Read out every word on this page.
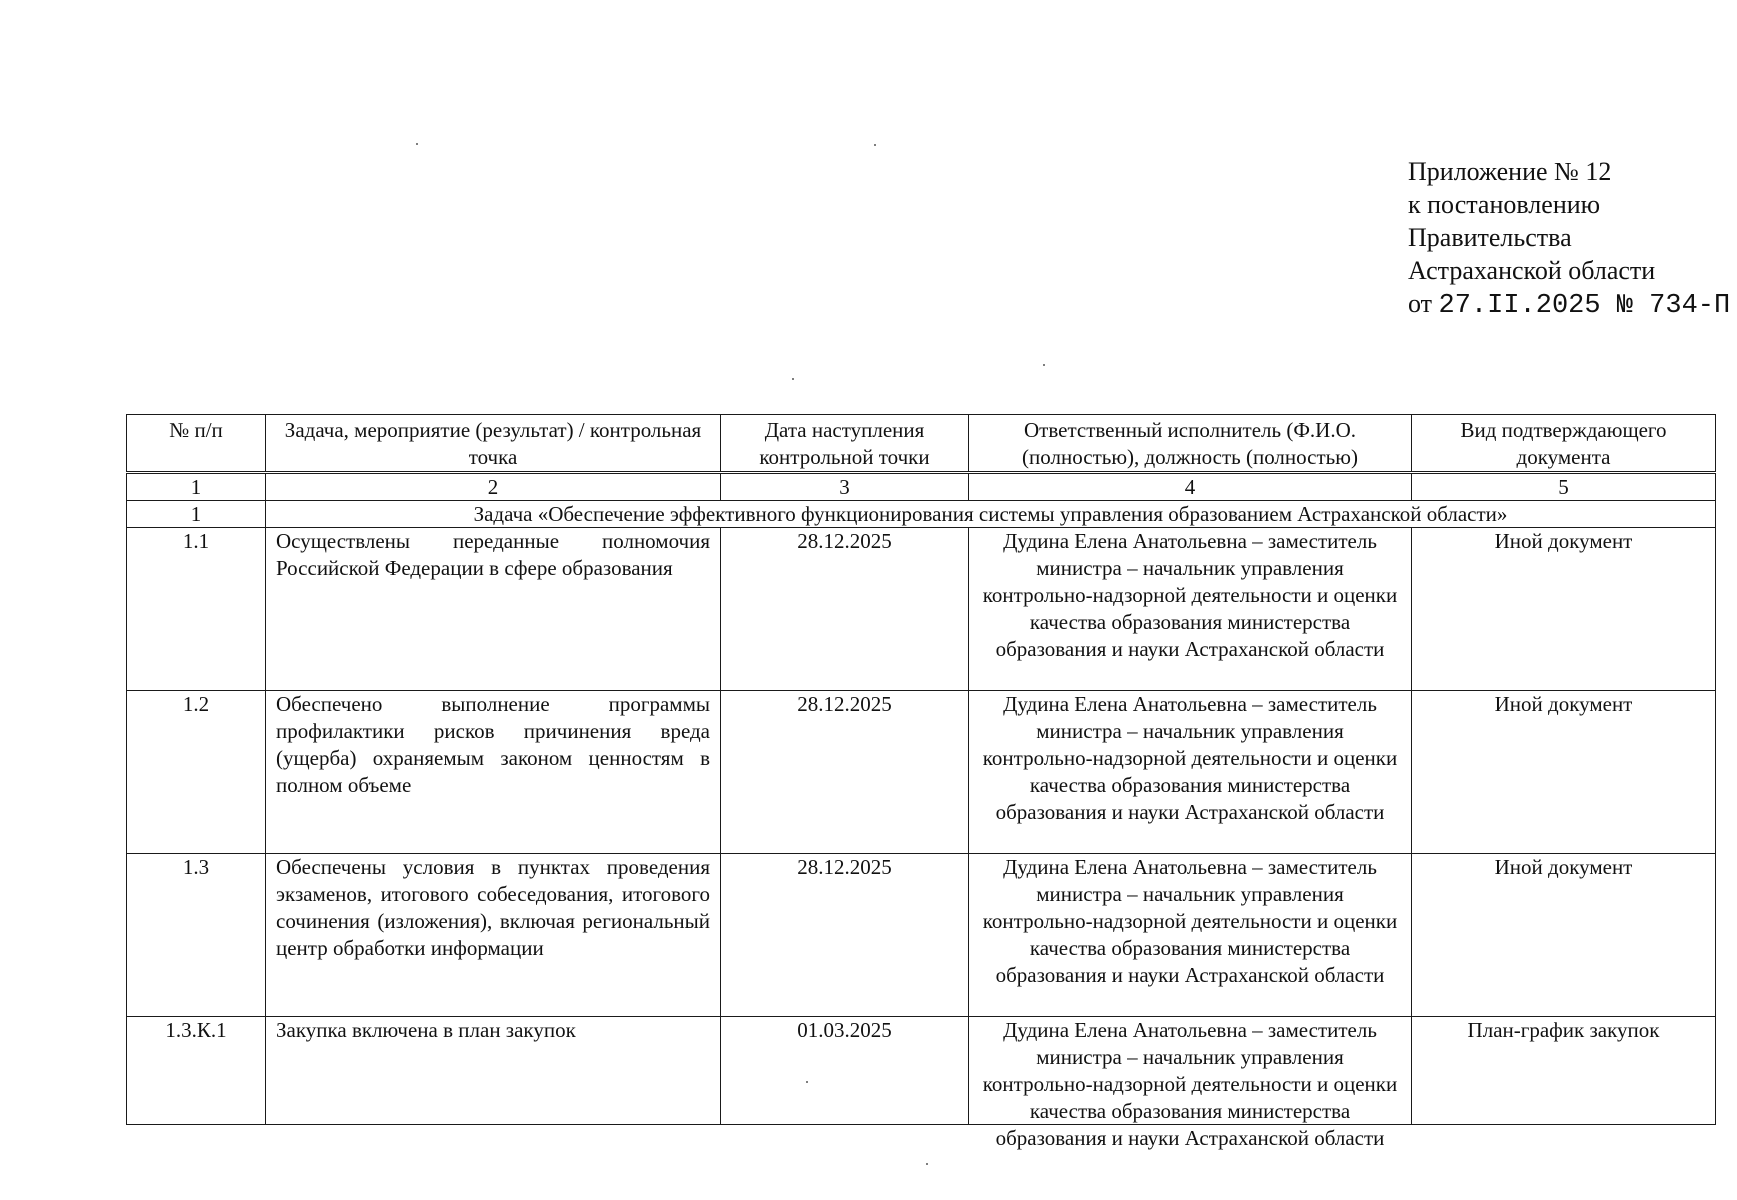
Приложение № 12
к постановлению
Правительства
Астраханской области
от 27.II.2025 № 734-П
№ п/п	Задача, мероприятие (результат) / контрольная точка	Дата наступления контрольной точки	Ответственный исполнитель (Ф.И.О. (полностью), должность (полностью)	Вид подтверждающего документа
1	2	3	4	5
1	Задача «Обеспечение эффективного функционирования системы управления образованием Астраханской области»			
1.1	Осуществлены переданные полномочия Российской Федерации в сфере образования	28.12.2025	Дудина Елена Анатольевна – заместитель министра – начальник управления контрольно-надзорной деятельности и оценки качества образования министерства образования и науки Астраханской области	Иной документ
1.2	Обеспечено выполнение программы профилактики рисков причинения вреда (ущерба) охраняемым законом ценностям в полном объеме	28.12.2025	Дудина Елена Анатольевна – заместитель министра – начальник управления контрольно-надзорной деятельности и оценки качества образования министерства образования и науки Астраханской области	Иной документ
1.3	Обеспечены условия в пунктах проведения экзаменов, итогового собеседования, итогового сочинения (изложения), включая региональный центр обработки информации	28.12.2025	Дудина Елена Анатольевна – заместитель министра – начальник управления контрольно-надзорной деятельности и оценки качества образования министерства образования и науки Астраханской области	Иной документ
1.3.К.1	Закупка включена в план закупок	01.03.2025	Дудина Елена Анатольевна – заместитель министра – начальник управления контрольно-надзорной деятельности и оценки качества образования министерства образования и науки Астраханской области	План-график закупок
